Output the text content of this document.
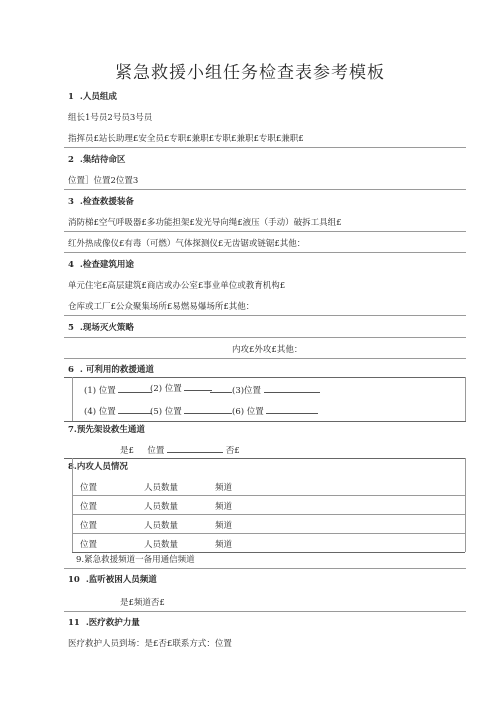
紧急救援小组任务检查表参考模板
1 .人员组成
组长1号员2号员3号员
指挥员£站长助理£安全员£专职£兼职£专职£兼职£专职£兼职£
2 .集结待命区
位置］位置2位置3
3 .检查救援装备
消防梯£空气呼吸器£多功能担架£发光导向绳£液压（手动）破拆工具组£
红外热成像仪£有毒（可燃）气体探测仪£无齿锯或链锯£其他：
4 .检查建筑用途
单元住宅£高层建筑£商店或办公室£事业单位或教育机构£
仓库或工厂£公众聚集场所£易燃易爆场所£其他：
5 .现场灭火策略
内攻£外攻£其他：
6 . 可利用的救援通道
(1) 位置	(2) 位置	(3)位置
(4) 位置	(5) 位置	(6) 位置
7.预先架设救生通道
是£ 位置	否£
8.内攻人员情况
位置	人员数量	频道
位置	人员数量	频道
位置	人员数量	频道
位置	人员数量	频道
9.紧急救援频道一备用通信频道
10 .监听被困人员频道
是£频道否£
11 .医疗救护力量
医疗救护人员到场：是£否£联系方式：位置
